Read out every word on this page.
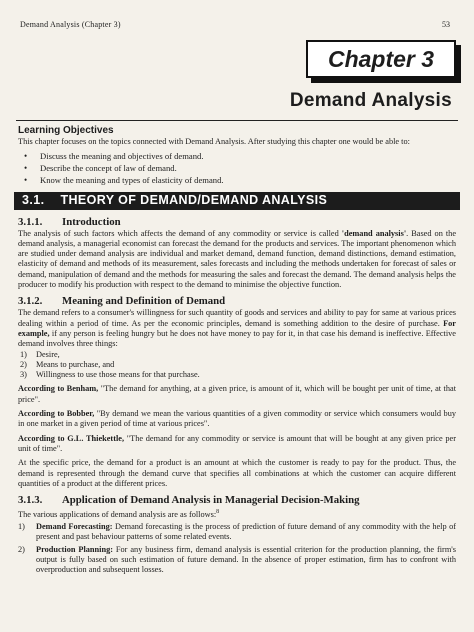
Demand Analysis (Chapter 3)	53
Chapter 3
Demand Analysis
Learning Objectives

This chapter focuses on the topics connected with Demand Analysis. After studying this chapter one would be able to:

• Discuss the meaning and objectives of demand.
• Describe the concept of law of demand.
• Know the meaning and types of elasticity of demand.
3.1. THEORY OF DEMAND/DEMAND ANALYSIS
3.1.1. Introduction

The analysis of such factors which affects the demand of any commodity or service is called 'demand analysis'. Based on the demand analysis, a managerial economist can forecast the demand for the products and services. The important phenomenon which are studied under demand analysis are individual and market demand, demand function, demand distinctions, demand estimation, elasticity of demand and methods of its measurement, sales forecasts and including the methods undertaken for forecast of sales or demand, manipulation of demand and the methods for measuring the sales and forecast the demand. The demand analysis helps the producer to modify his production with respect to the demand to minimise the objective function.

3.1.2. Meaning and Definition of Demand

The demand refers to a consumer's willingness for such quantity of goods and services and ability to pay for same at various prices dealing within a period of time. As per the economic principles, demand is something addition to the desire of purchase. For example, if any person is feeling hungry but he does not have money to pay for it, in that case his demand is ineffective. Effective demand involves three things:

1)	Desire,
2)	Means to purchase, and
3)	Willingness to use those means for that purchase.

According to Benham, "The demand for anything, at a given price, is amount of it, which will be bought per unit of time, at that price".

According to Bobber, "By demand we mean the various quantities of a given commodity or service which consumers would buy in one market in a given period of time at various prices".

According to G.L. Thiekettle, "The demand for any commodity or service is amount that will be bought at any given price per unit of time".

At the specific price, the demand for a product is an amount at which the customer is ready to pay for the product. Thus, the demand is represented through the demand curve that specifies all combinations at which the customer can acquire different quantities of a product at the different prices.

3.1.3. Application of Demand Analysis in Managerial Decision-Making

The various applications of demand analysis are as follows:$^8$

1)	Demand Forecasting: Demand forecasting is the process of prediction of future demand of any commodity with the help of present and past behaviour patterns of some related events.
2)	Production Planning: For any business firm, demand analysis is essential criterion for the production planning, the firm's output is fully based on such estimation of future demand. In the absence of proper estimation, firm has to confront with overproduction and subsequent losses.
